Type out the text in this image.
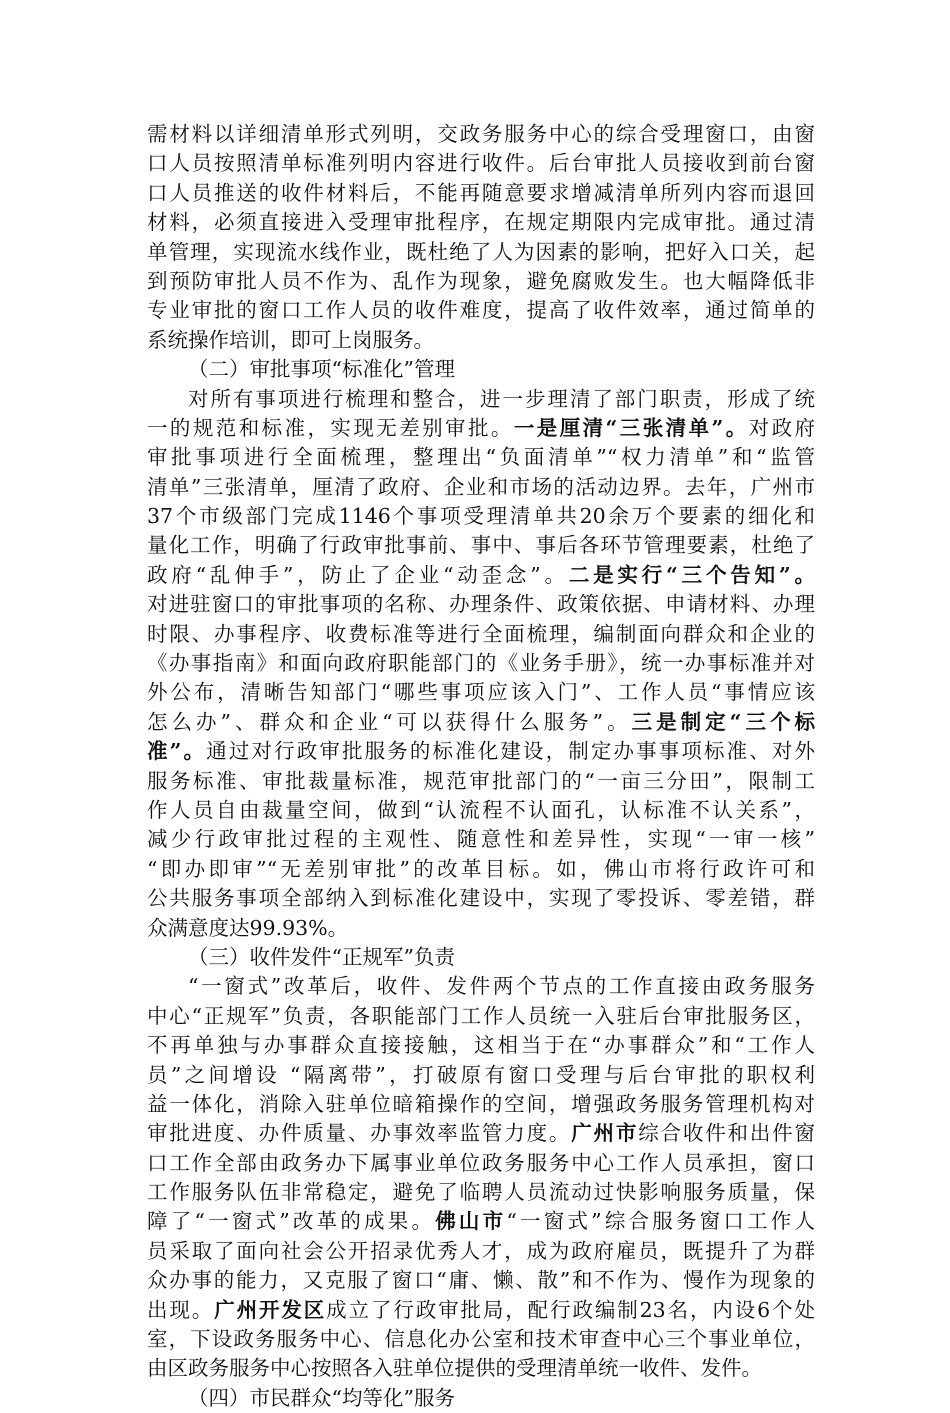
需材料以详细清单形式列明，交政务服务中心的综合受理窗口，由窗
口人员按照清单标准列明内容进行收件。后台审批人员接收到前台窗
口人员推送的收件材料后，不能再随意要求增减清单所列内容而退回
材料，必须直接进入受理审批程序，在规定期限内完成审批。通过清
单管理，实现流水线作业，既杜绝了人为因素的影响，把好入口关，起
到预防审批人员不作为、乱作为现象，避免腐败发生。也大幅降低非
专业审批的窗口工作人员的收件难度，提高了收件效率，通过简单的
系统操作培训，即可上岗服务。
（二）审批事项“标准化”管理
对所有事项进行梳理和整合，进一步理清了部门职责，形成了统
一的规范和标准，实现无差别审批。一是厘清“三张清单”。对政府
审批事项进行全面梳理，整理出“负面清单”“权力清单”和“监管
清单”三张清单，厘清了政府、企业和市场的活动边界。去年，广州市
37个市级部门完成1146个事项受理清单共20余万个要素的细化和
量化工作，明确了行政审批事前、事中、事后各环节管理要素，杜绝了
政府“乱伸手”，防止了企业“动歪念”。二是实行“三个告知”。
对进驻窗口的审批事项的名称、办理条件、政策依据、申请材料、办理
时限、办事程序、收费标准等进行全面梳理，编制面向群众和企业的
《办事指南》和面向政府职能部门的《业务手册》，统一办事标准并对
外公布，清晰告知部门“哪些事项应该入门”、工作人员“事情应该
怎么办”、群众和企业“可以获得什么服务”。三是制定“三个标
准”。通过对行政审批服务的标准化建设，制定办事事项标准、对外
服务标准、审批裁量标准，规范审批部门的“一亩三分田”，限制工
作人员自由裁量空间，做到“认流程不认面孔，认标准不认关系”，
减少行政审批过程的主观性、随意性和差异性，实现“一审一核”
“即办即审”“无差别审批”的改革目标。如，佛山市将行政许可和
公共服务事项全部纳入到标准化建设中，实现了零投诉、零差错，群
众满意度达99.93%。
（三）收件发件“正规军”负责
“一窗式”改革后，收件、发件两个节点的工作直接由政务服务
中心“正规军”负责，各职能部门工作人员统一入驻后台审批服务区，
不再单独与办事群众直接接触，这相当于在“办事群众”和“工作人
员”之间增设 “隔离带”，打破原有窗口受理与后台审批的职权利
益一体化，消除入驻单位暗箱操作的空间，增强政务服务管理机构对
审批进度、办件质量、办事效率监管力度。广州市综合收件和出件窗
口工作全部由政务办下属事业单位政务服务中心工作人员承担，窗口
工作服务队伍非常稳定，避免了临聘人员流动过快影响服务质量，保
障了“一窗式”改革的成果。佛山市“一窗式”综合服务窗口工作人
员采取了面向社会公开招录优秀人才，成为政府雇员，既提升了为群
众办事的能力，又克服了窗口“庸、懒、散”和不作为、慢作为现象的
出现。广州开发区成立了行政审批局，配行政编制23名，内设6个处
室，下设政务服务中心、信息化办公室和技术审查中心三个事业单位，
由区政务服务中心按照各入驻单位提供的受理清单统一收件、发件。
（四）市民群众“均等化”服务
